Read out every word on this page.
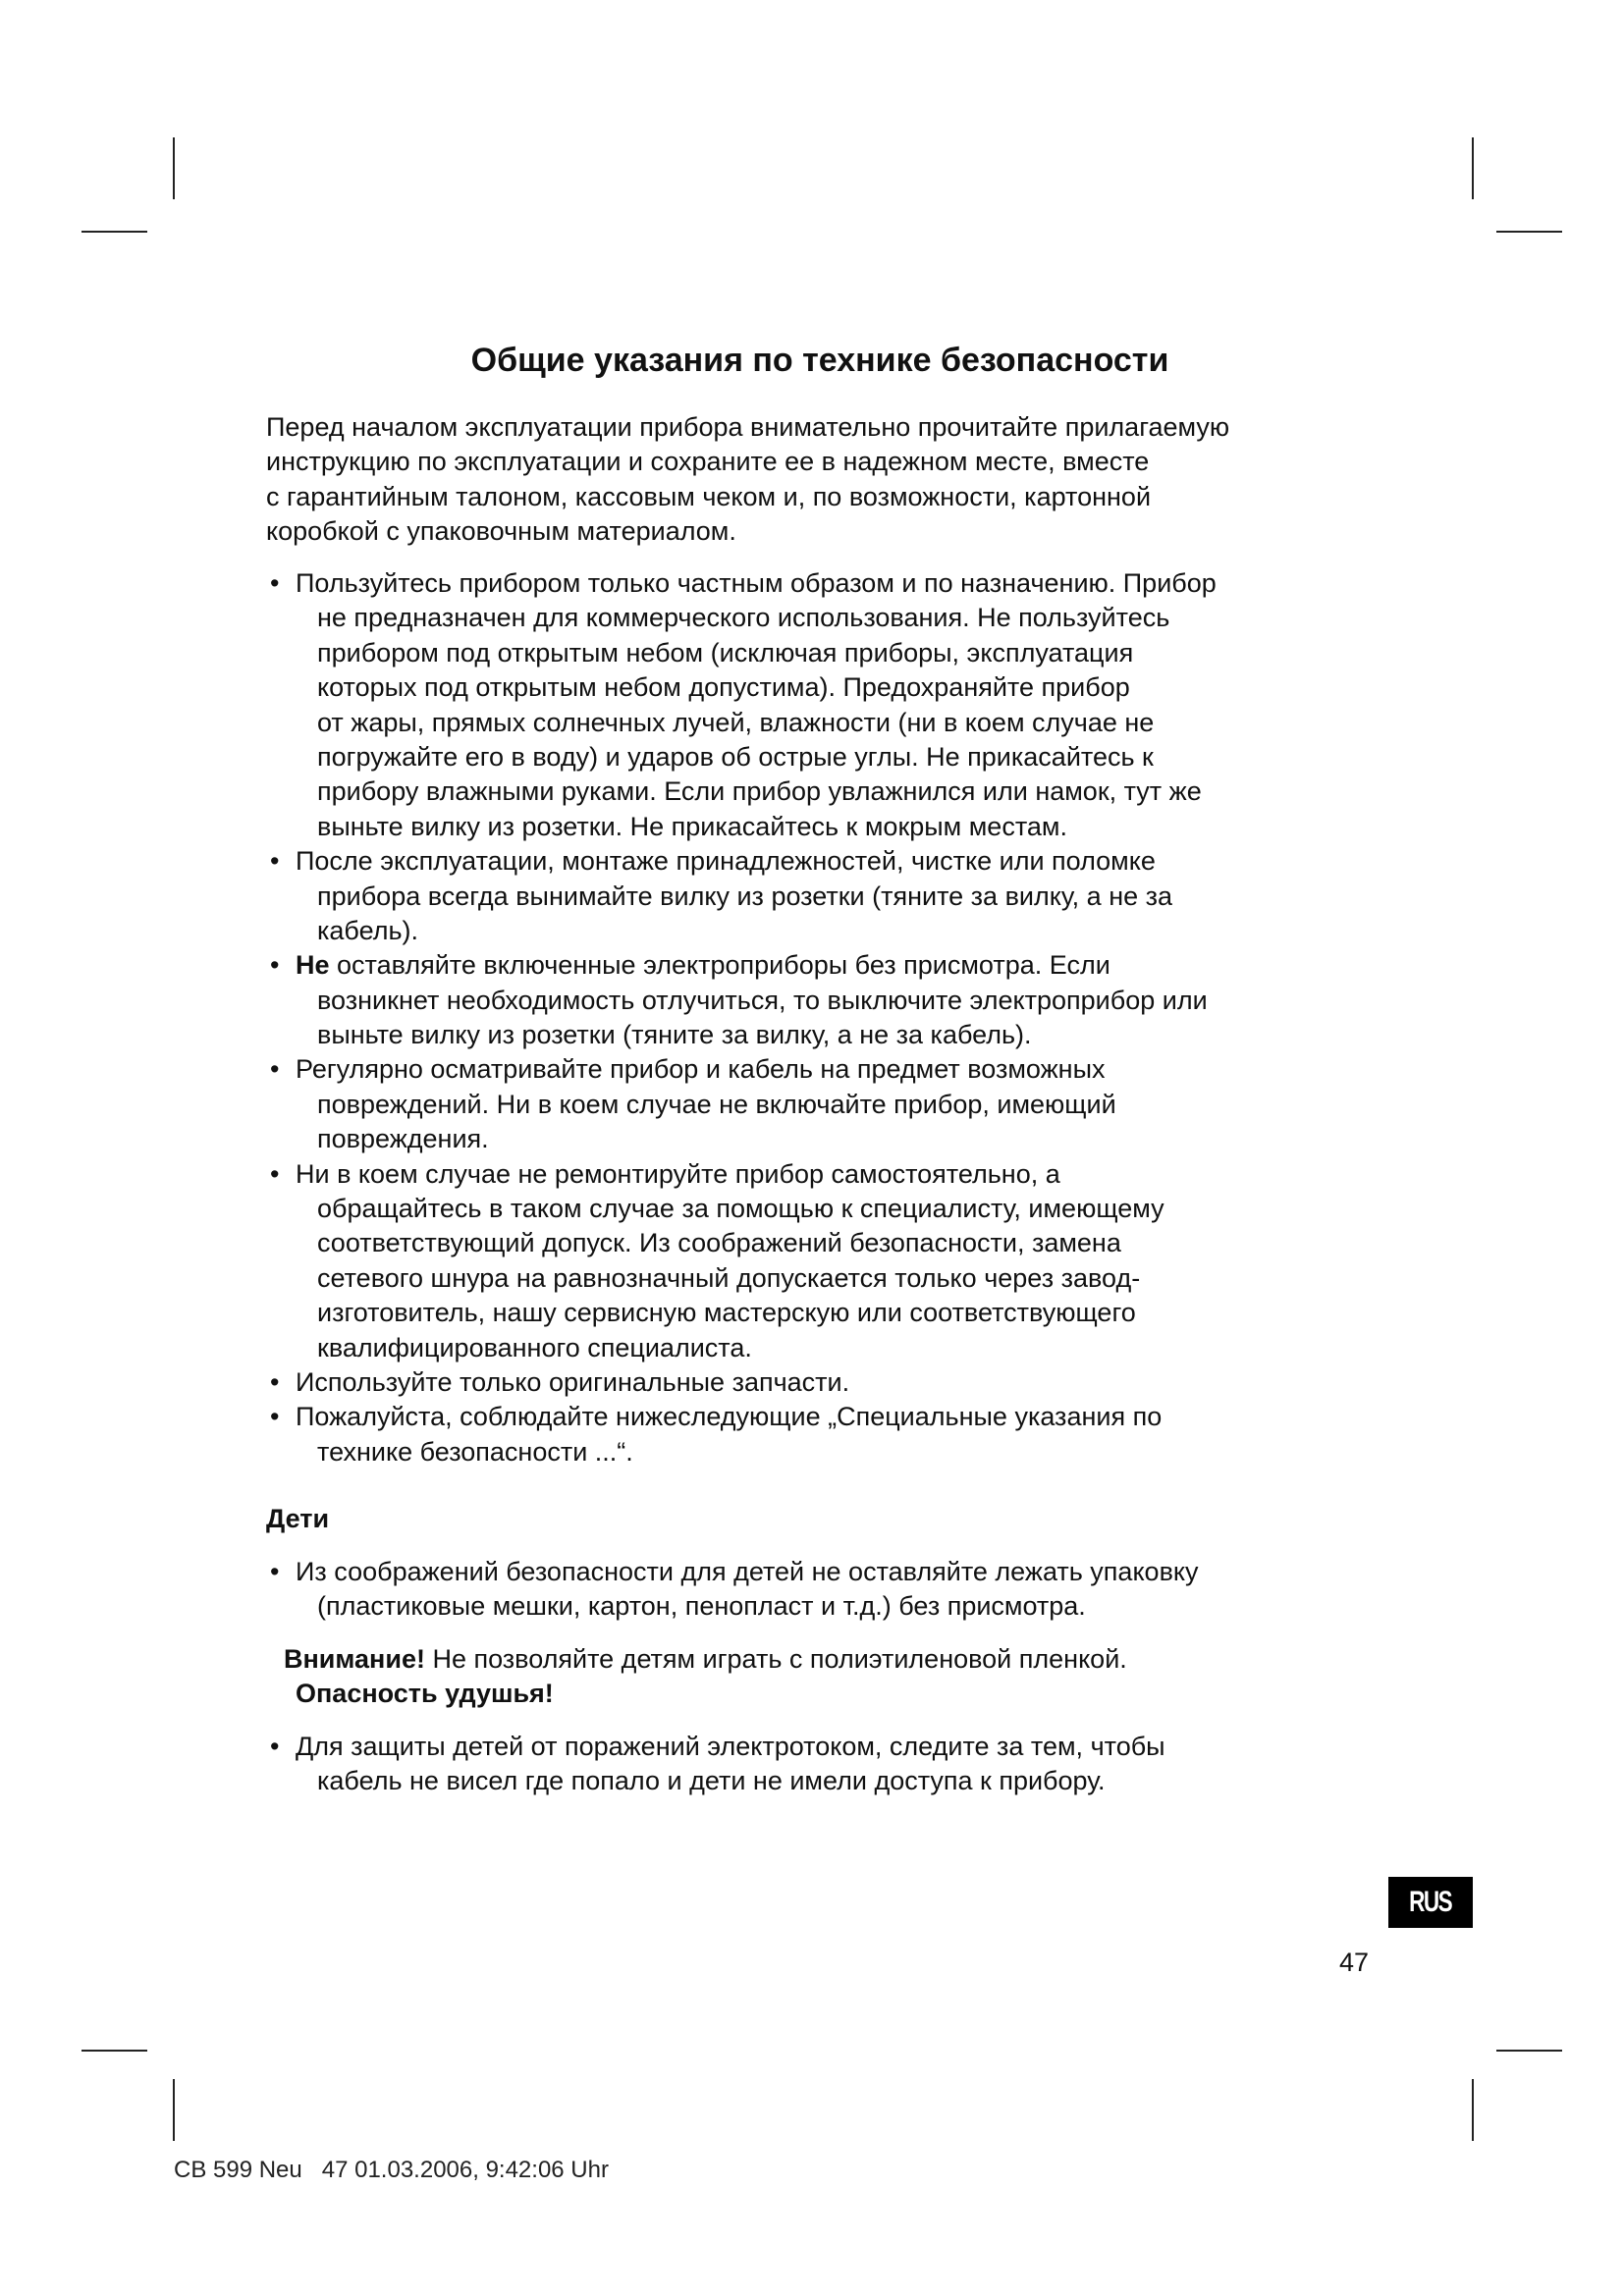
Общие указания по технике безопасности
Перед началом эксплуатации прибора внимательно прочитайте прилагаемую
инструкцию по эксплуатации и сохраните ее в надежном месте, вместе
с гарантийным талоном, кассовым чеком и, по возможности, картонной
коробкой с упаковочным материалом.
• Пользуйтесь прибором только частным образом и по назначению. Прибор
не предназначен для коммерческого использования. Не пользуйтесь
прибором под открытым небом (исключая приборы, эксплуатация
которых под открытым небом допустима). Предохраняйте прибор
от жары, прямых солнечных лучей, влажности (ни в коем случае не
погружайте его в воду) и ударов об острые углы. Не прикасайтесь к
прибору влажными руками. Если прибор увлажнился или намок, тут же
выньте вилку из розетки. Не прикасайтесь к мокрым местам.
• После эксплуатации, монтаже принадлежностей, чистке или поломке
прибора всегда вынимайте вилку из розетки (тяните за вилку, а не за
кабель).
• Не оставляйте включенные электроприборы без присмотра. Если
возникнет необходимость отлучиться, то выключите электроприбор или
выньте вилку из розетки (тяните за вилку, а не за кабель).
• Регулярно осматривайте прибор и кабель на предмет возможных
повреждений. Ни в коем случае не включайте прибор, имеющий
повреждения.
• Ни в коем случае не ремонтируйте прибор самостоятельно, а
обращайтесь в таком случае за помощью к специалисту, имеющему
соответствующий допуск. Из соображений безопасности, замена
сетевого шнура на равнозначный допускается только через завод-
изготовитель, нашу сервисную мастерскую или соответствующего
квалифицированного специалиста.
• Используйте только оригинальные запчасти.
• Пожалуйста, соблюдайте нижеследующие „Специальные указания по
технике безопасности ...“.
Дети
• Из соображений безопасности для детей не оставляйте лежать упаковку
(пластиковые мешки, картон, пенопласт и т.д.) без присмотра.
Внимание! Не позволяйте детям играть с полиэтиленовой пленкой.
Опасность удушья!
• Для защиты детей от поражений электротоком, следите за тем, чтобы
кабель не висел где попало и дети не имели доступа к прибору.
RUS
47
CB 599 Neu   47 01.03.2006, 9:42:06 Uhr
